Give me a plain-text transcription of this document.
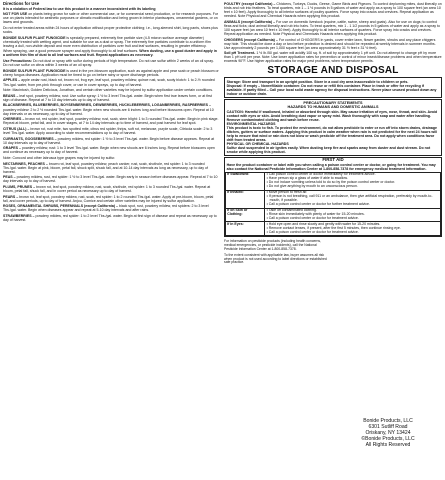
Directions for Use

It is a violation of Federal law to use this product in a manner inconsistent with its labeling

NOT FOR USE on plants being grown for sale or other commercial use, or for commercial seed production, or for research purposes. For use on plants intended for aesthetic purposes or climatic modification and being grown in interior plantscapes, ornamental gardens, or on lawns and grounds.

Do not enter treated areas within 24 hours of application without proper protective clothing; i.e., long-sleeved shirt, long pants, shoes plus socks.

BONIDE SULFUR PLANT FUNGICIDE is specially prepared, extremely fine particle size (4-5 micron surface average diameter) chemically treated with wetting agent, and suitable for use as a dust or spray. The extremely fine particles contribute to a uniform film leaving a dull, non-visible deposit and more even distribution of particles over fruit and leaf surfaces, resulting in greater efficiency.

When spraying, use a good pressure sprayer and apply thoroughly to all leaf surfaces. When dusting, use a good duster and apply in a uniform thin film of dust to all leaf surfaces and fruit. Repeat applications as necessary.

Use Precautions: Do not dust or spray with sulfur during periods of high temperature. Do not use sulfur within 2 weeks of an oil spray. Do not use sulfur on citrus within 3 weeks of an oil spray.

BONIDE SULFUR PLANT FUNGICIDE is used in the pre-blossom application, such as against apple and pear scab or peach blossom or cherry fungus diseases. Application must be timed to go on before rainy or spore discharge periods.

APPLES – apple cedar rust, black rot, brown rot, frog eye, leaf spot, powdery mildew, quince rust, scab, sooty blotch: 1 to 2-½ rounded Tbs./gal. water, from pre-pink through cover, or use in cover sprays, up to day of harvest.

Note: Macintosh, Golden Delicious, Jonathan, and certain other varieties may be injured by sulfur application under certain conditions.

BEANS – leaf spot, powdery mildew, rust: Use sulfur spray: 1 ½ to 3 level Tbs./gal. water. Begin when first true leaves form, or at first sign of disease. Repeat at 7 to 10 day intervals up to day of harvest.

BLACKBERRIES, BLUEBERRIES, BOYSENBERRIES, DEWBERRIES, HUCKLEBERRIES, LOGANBERRIES, RASPBERRIES – powdery mildew: 2 to 2 ½ rounded Tbs./gal. water. Begin when new shoots are 6 inches long and before blossoms open. Repeat at 10 day intervals or as necessary, up to day of harvest.

CHERRIES – brown rot, red spider, leaf spot, powdery mildew, rust, scab, stem blight: 1 to 3 rounded Tbs./gal. water. Begin in pink stage. Repeat at bloom, petal fall, and in cover stages, at 7 to 14 day intervals up to time of harvest, and post harvest for leaf spot.

CITRUS (ALL) – brown rot, rust mite, two spotted mite, citrus red spider, thrips, soft rot, melanose, purple scale, Citricola scale: 2 to 3 level Tbs./gal. water. Apply according to state recommendations up to day of harvest.

CURRANTS, GOOSEBERRIES – powdery mildew, red spider: 1 ½ to 3 level Tbs./gal. water. Begin before disease appears. Repeat at 10 day intervals up to day of harvest.

GRAPES – powdery mildew, rust: 1 to 3 level Tbs./gal. water. Begin when new shoots are 6 inches long. Repeat before blossoms open and continue as necessary up to day of harvest.

Note: Concord and other labrusca type grapes may be injured by sulfur.

NECTARINES, PEACHES – brown rot, leaf spot, powdery mildew, peach canker, rust, scab, shothole, red spider: 1 to 3 rounded Tbs./gal. water. Begin at pink, bloom, petal fall, shuck split, shuck fall, and at 10-14 day intervals as long as necessary, up to day of harvest.

PEAS – powdery mildew, rust, red spider: 1 ½ to 3 level Tbs./gal. water. Begin early in season before diseases appear. Repeat at 7 to 10 day intervals up to day of harvest.

PLUMS, PRUNES – brown rot, leaf spot, powdery mildew, rust, scab, shothole, red spider: 1 to 3 rounded Tbs./gal. water. Repeat at bloom, petal fall, shuck fall, and in cover period as necessary up to day of harvest.

PEARS – brown rot, leaf spot, powdery mildew, rust, scab, red spider: 1 to 2 rounded Tbs./gal. water. Apply at pre-bloom, bloom, petal fall, and cover periods, up to day of harvest. Anjou, Comice and certain other varieties may be injured by sulfur application.

ROSES, ORNAMENTAL SHRUBS, PERENNIALS (except California) – black spot, rust, powdery mildew, red spiders: 2 to 3 level Tbs./gal. water. Begin when diseases appear and repeat at 5-10 day intervals and after rains.

STRAWBERRIES – powdery mildew, red spider: 1 to 2 level Tbs./gal. water. Begin at first sign of disease and repeat as necessary up to day of harvest.

POULTRY (except California) – Chickens, Turkeys, Ducks, Geese, Game Birds and Pigeons. To control depluming mites, dust liberally on birds and rub into feathers. To treat quarters, mix 1 – 1 ½ pounds in 5 gallons of water and apply as a spray to 100 square feet (an area 10 feet x 10 feet). Apply thoroughly to all interior surfaces of poultry quarters. Force spray into cracks and crevices. Repeat application as needed. Note Physical and Chemical Hazards when applying this product.

ANIMALS (except California) – For use on domestic livestock (equine, cattle, swine, sheep and goats). Also for use on dogs; to control fleas and ticks; dust animal liberally and rub into hairs. To treat quarters, mix 1 - 1 1/2 pounds in 5 gallons of water and apply as a spray to 100 square feet (an area 10 feet x 10 feet). Apply thoroughly to all interior surfaces of quarters. Force spray into cracks and crevices. Repeat application as needed. Note Physical and Chemicals Hazards when applying this product.

CHIGGERS (except California) – For control of CHIGGERS in yards, cover entire lawn, flower garden, shrubs and any place chiggers may hide. This should be done a day or two before protection is desired and should be repeated at weekly intervals in summer months. Use approximately 2 pounds per 1,000 square feet (an area approximately 31 ½ feet x 31 ½ feet).

Soil pH Treatment- 1 ½ lb./50 gal. water will acidify 100 sq. ft. of soil by approximately 1 pH unit. Do not attempt to change pH by more than 1 pH unit per year. Note: Use lower application rates for prevention or control of minor insect/disease problems and when temperature exceeds 90°F. Use higher application rates for major pest problems, when temperature permits.

STORAGE AND DISPOSAL

Storage: Store and transport in an upright position. Store in a cool dry area inaccessible to children or pets.

Disposal: If empty – Nonrefillable container. Do not reuse or refill this container. Place in trash or offer for recycling if available. If partly filled – Call your local solid waste agency for disposal instructions. Never place unused product down any indoor or outdoor drain.

PRECAUTIONARY STATEMENTS
HAZARDS TO HUMANS AND DOMESTIC ANIMALS

CAUTION: Harmful if swallowed, inhaled or absorbed through skin. May cause irritation of eyes, nose, throat, and skin. Avoid contact with eyes or skin. Avoid breathing dust vapor or spray mist. Wash thoroughly with soap and water after handling. Remove contaminated clothing and wash before reuse.

ENVIRONMENTAL HAZARDS

This product is toxic to fish. To protect the environment, do not allow pesticide to enter or run off into storm drains, drainage ditches, gutters or surface waters. Applying this product in calm weather when rain is not predicted for the next 24 hours will help to ensure that wind or rain does not blow or wash pesticide off the treatment area. Do not apply when conditions favor drift from treated areas.

PHYSICAL OR CHEMICAL HAZARDS

Sulfur dust suspended in air ignites easily. When dusting keep fire and sparks away from duster and dust stream. Do not smoke while applying this product.

FIRST AID

Have the product container or label with you when calling a poison control center or doctor, or going for treatment. You may also contact the National Pesticide Information Center at 1-800-858-7378 for emergency medical treatment information.

If Swallowed:	• Call poison control center or doctor immediately for treatment advice.
• Have person sip a glass of water if able to swallow.
• Do not induce vomiting unless told to do so by the poison control center or doctor.
• Do not give anything by mouth to an unconscious person.

If Inhaled:	• Move person to fresh air.
• If person is not breathing, call 911 or an ambulance, then give artificial respiration, preferably by mouth-to-mouth, if possible.
• Call a poison control center or doctor for further treatment advice.

If on Skin or Clothing:	• Take off contaminated clothing.
• Rinse skin immediately with plenty of water for 15-20 minutes.
• Call a poison control center or doctor for treatment advice.

If in Eyes:	• Hold eye open and rinse slowly and gently with water for 15-20 minutes.
• Remove contact lenses, if present, after the first 5 minutes, then continue rinsing eye.
• Call a poison control center or doctor for treatment advice.

For information on pesticide products (including health concerns, medical emergencies, or pesticide incidents), call the National Pesticide Information Center at 1-800-858-7378.

To the extent consistent with applicable law, buyer assumes all risk when product is not used according to label directions or established safe practice.

Bonide Products, LLC
6301 Sutliff Road
Oriskany, NY 13424
©Bonide Products, LLC
All Rights Reserved
